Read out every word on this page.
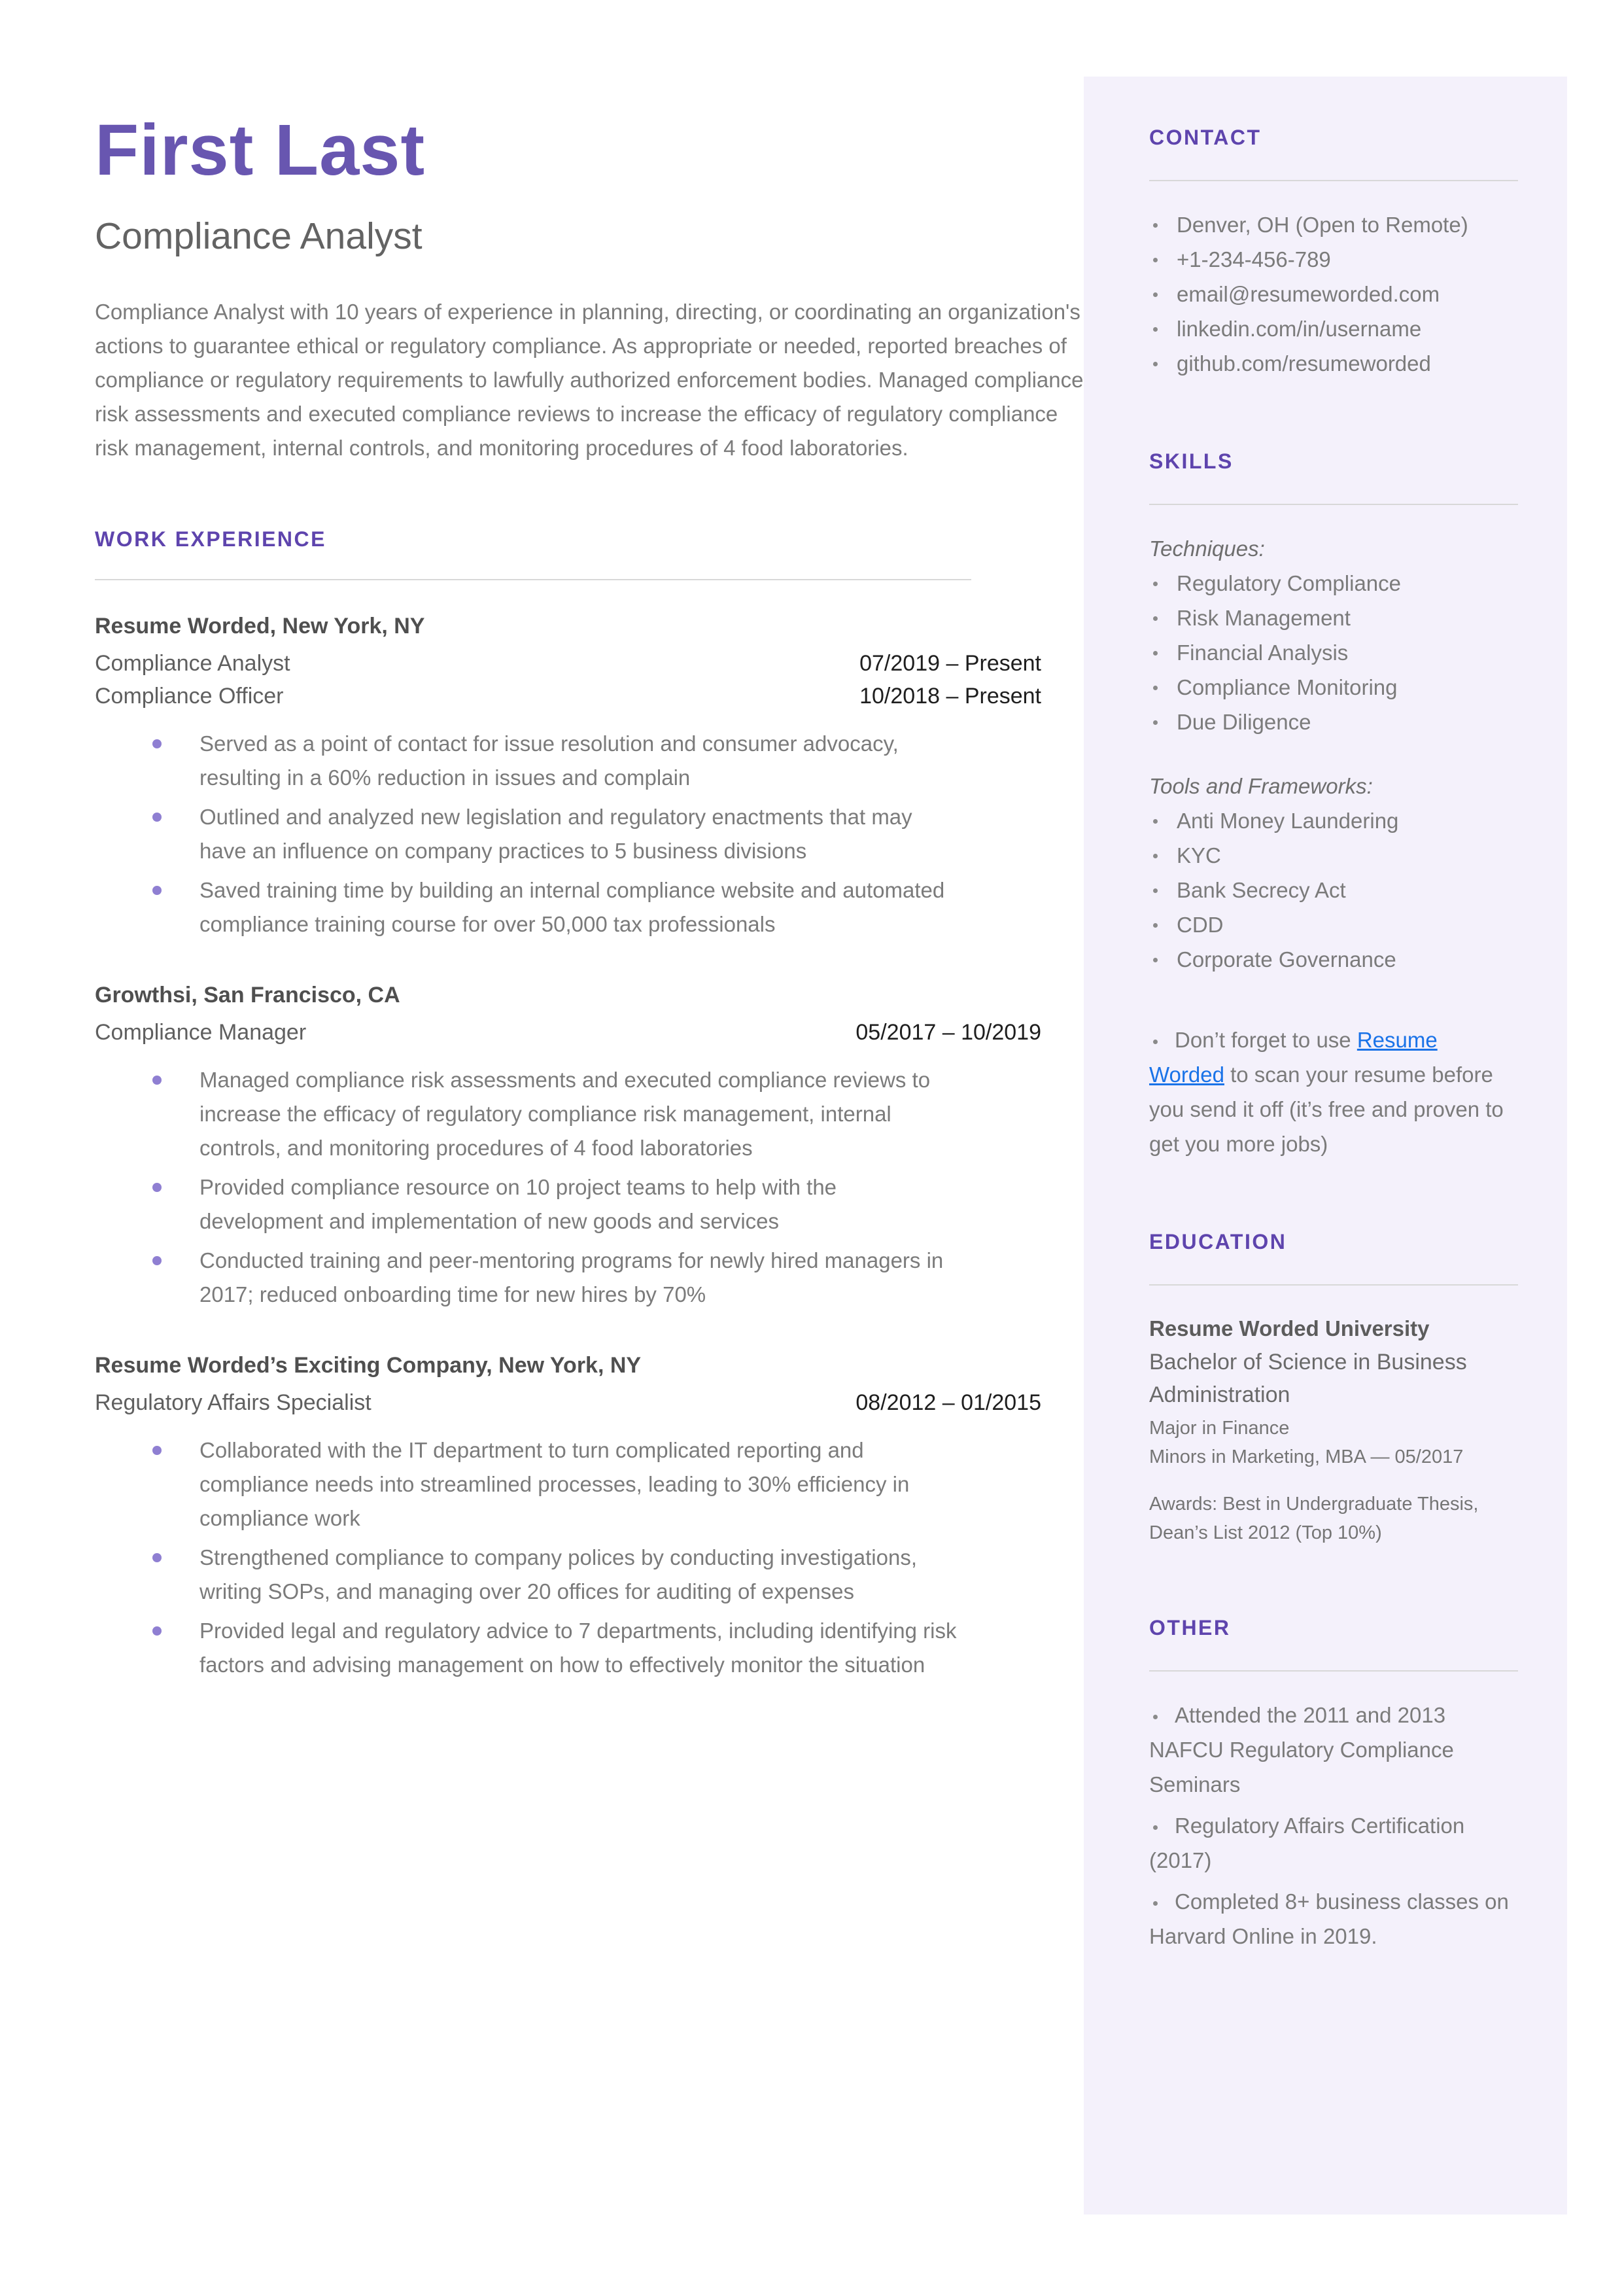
First Last
Compliance Analyst

Compliance Analyst with 10 years of experience in planning, directing, or coordinating an organization's actions to guarantee ethical or regulatory compliance. As appropriate or needed, reported breaches of compliance or regulatory requirements to lawfully authorized enforcement bodies. Managed compliance risk assessments and executed compliance reviews to increase the efficacy of regulatory compliance risk management, internal controls, and monitoring procedures of 4 food laboratories.

WORK EXPERIENCE
Resume Worded, New York, NY
Compliance Analyst	07/2019 – Present
Compliance Officer	10/2018 – Present
Served as a point of contact for issue resolution and consumer advocacy, resulting in a 60% reduction in issues and complain
Outlined and analyzed new legislation and regulatory enactments that may have an influence on company practices to 5 business divisions
Saved training time by building an internal compliance website and automated compliance training course for over 50,000 tax professionals
Growthsi, San Francisco, CA
Compliance Manager	05/2017 – 10/2019
Managed compliance risk assessments and executed compliance reviews to increase the efficacy of regulatory compliance risk management, internal controls, and monitoring procedures of 4 food laboratories
Provided compliance resource on 10 project teams to help with the development and implementation of new goods and services
Conducted training and peer-mentoring programs for newly hired managers in 2017; reduced onboarding time for new hires by 70%
Resume Worded’s Exciting Company, New York, NY
Regulatory Affairs Specialist	08/2012 – 01/2015
Collaborated with the IT department to turn complicated reporting and compliance needs into streamlined processes, leading to 30% efficiency in compliance work
Strengthened compliance to company polices by conducting investigations, writing SOPs, and managing over 20 offices for auditing of expenses
Provided legal and regulatory advice to 7 departments, including identifying risk factors and advising management on how to effectively monitor the situation
CONTACT
Denver, OH (Open to Remote)
+1-234-456-789
email@resumeworded.com
linkedin.com/in/username
github.com/resumeworded
SKILLS

Techniques:

Regulatory Compliance
Risk Management
Financial Analysis
Compliance Monitoring
Due Diligence

Tools and Frameworks:

Anti Money Laundering
KYC
Bank Secrecy Act
CDD
Corporate Governance

Don’t forget to use Resume Worded to scan your resume before you send it off (it’s free and proven to get you more jobs)

EDUCATION

Resume Worded University

Bachelor of Science in Business Administration

Major in Finance

Minors in Marketing, MBA — 05/2017

Awards: Best in Undergraduate Thesis, Dean’s List 2012 (Top 10%)

OTHER

Attended the 2011 and 2013 NAFCU Regulatory Compliance Seminars

Regulatory Affairs Certification (2017)

Completed 8+ business classes on Harvard Online in 2019.
